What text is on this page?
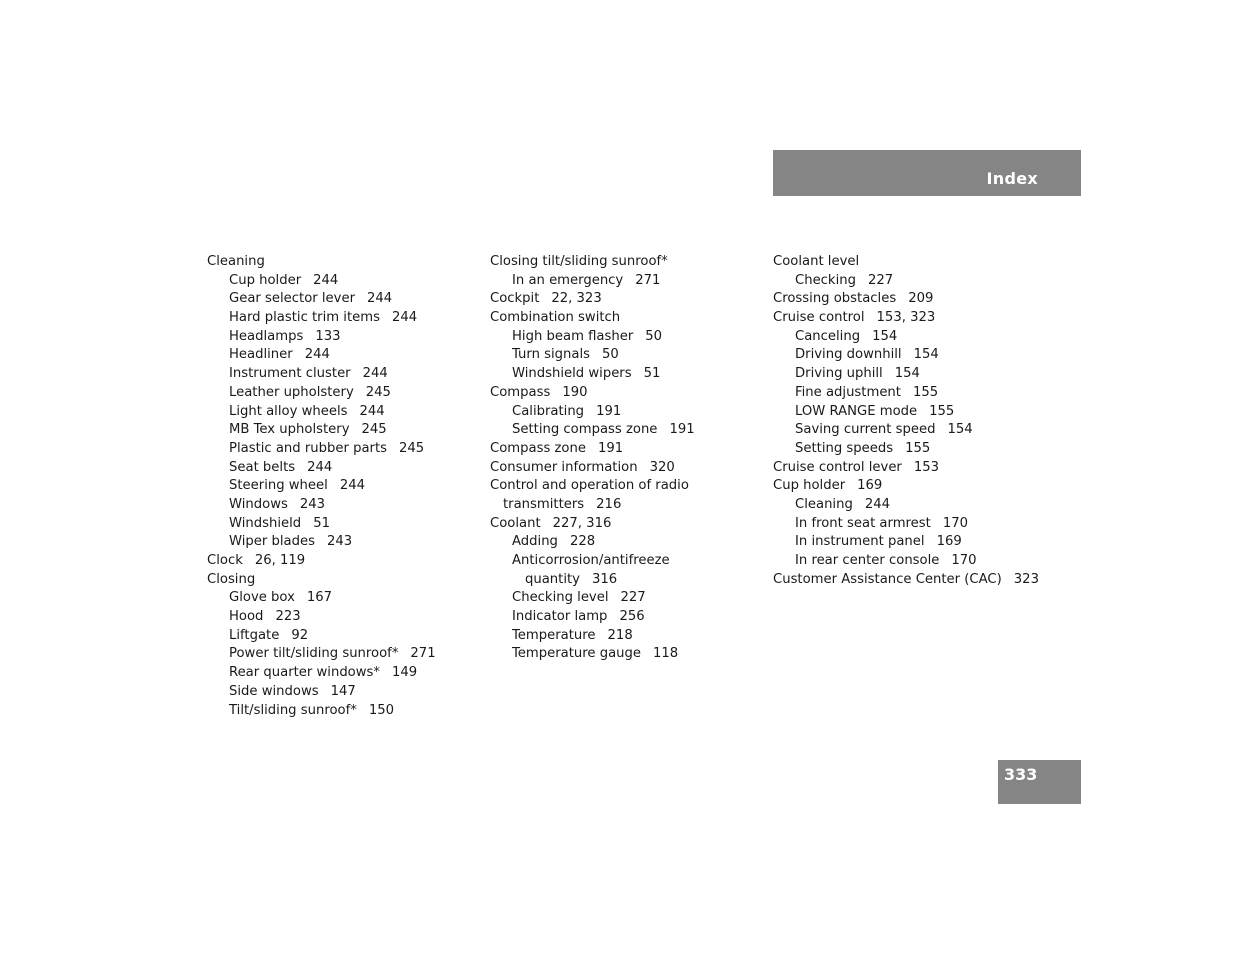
Index
Cleaning
Cup holder 244
Gear selector lever 244
Hard plastic trim items 244
Headlamps 133
Headliner 244
Instrument cluster 244
Leather upholstery 245
Light alloy wheels 244
MB Tex upholstery 245
Plastic and rubber parts 245
Seat belts 244
Steering wheel 244
Windows 243
Windshield 51
Wiper blades 243
Clock 26, 119
Closing
Glove box 167
Hood 223
Liftgate 92
Power tilt/sliding sunroof* 271
Rear quarter windows* 149
Side windows 147
Tilt/sliding sunroof* 150
Closing tilt/sliding sunroof*
In an emergency 271
Cockpit 22, 323
Combination switch
High beam flasher 50
Turn signals 50
Windshield wipers 51
Compass 190
Calibrating 191
Setting compass zone 191
Compass zone 191
Consumer information 320
Control and operation of radio
transmitters 216
Coolant 227, 316
Adding 228
Anticorrosion/antifreeze
quantity 316
Checking level 227
Indicator lamp 256
Temperature 218
Temperature gauge 118
Coolant level
Checking 227
Crossing obstacles 209
Cruise control 153, 323
Canceling 154
Driving downhill 154
Driving uphill 154
Fine adjustment 155
LOW RANGE mode 155
Saving current speed 154
Setting speeds 155
Cruise control lever 153
Cup holder 169
Cleaning 244
In front seat armrest 170
In instrument panel 169
In rear center console 170
Customer Assistance Center (CAC) 323
333
